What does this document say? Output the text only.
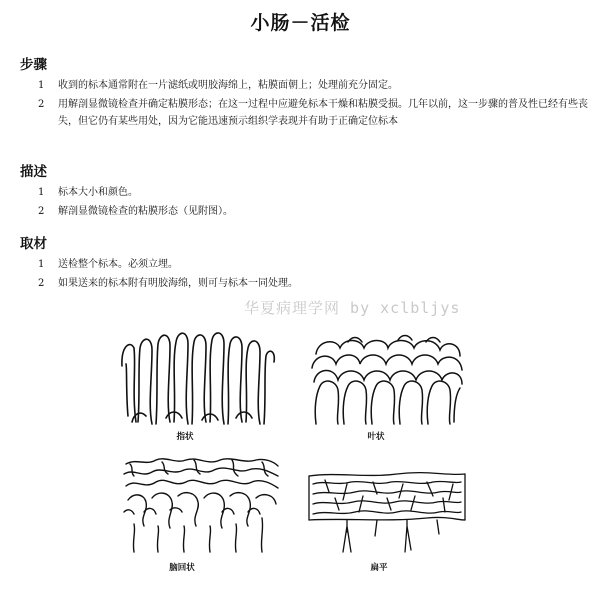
小肠－活检
步骤
1	收到的标本通常附在一片滤纸或明胶海绵上，粘膜面朝上；处理前充分固定。
2	用解剖显微镜检查并确定粘膜形态；在这一过程中应避免标本干燥和粘膜受损。几年以前，这一步骤的普及性已经有些丧失，但它仍有某些用处，因为它能迅速预示组织学表现并有助于正确定位标本
描述
1	标本大小和颜色。
2	解剖显微镜检查的粘膜形态（见附图）。
取材
1	送检整个标本。必须立埋。
2	如果送来的标本附有明胶海绵，则可与标本一同处理。
华夏病理学网 by xclbljys
指状	叶状
脑回状	扁平
